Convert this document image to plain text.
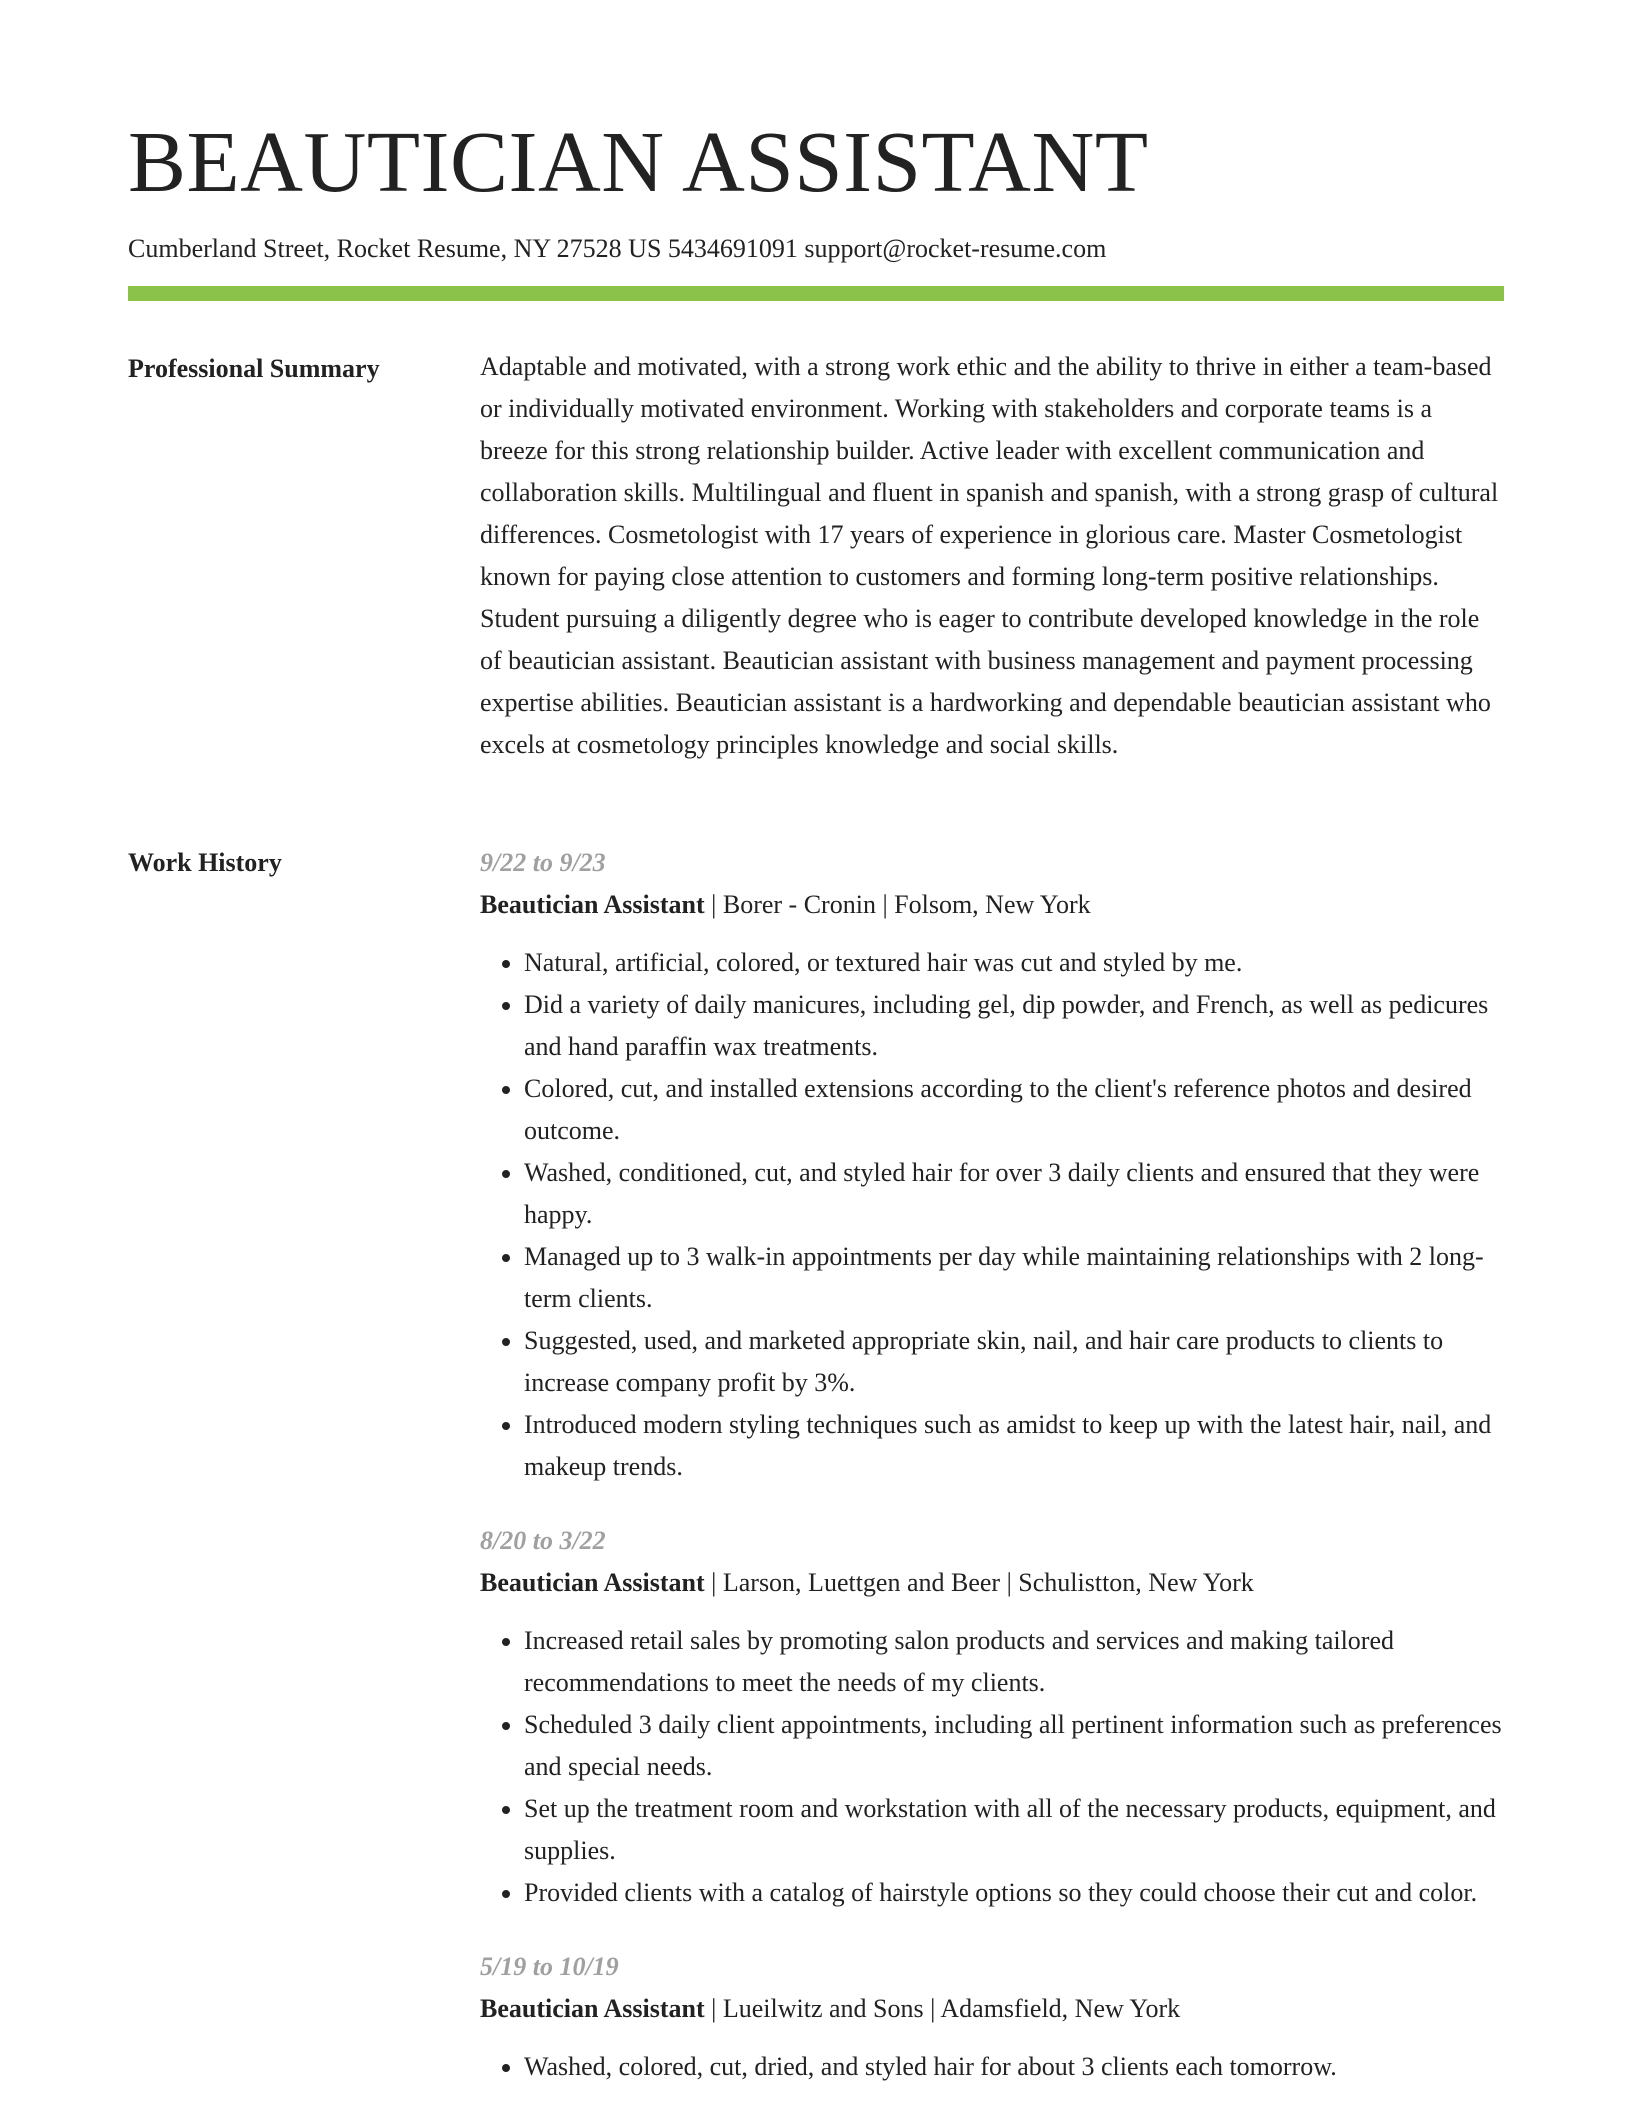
BEAUTICIAN ASSISTANT
Cumberland Street, Rocket Resume, NY 27528 US 5434691091 support@rocket-resume.com
Professional Summary	Adaptable and motivated, with a strong work ethic and the ability to thrive in either a team-based or individually motivated environment. Working with stakeholders and corporate teams is a breeze for this strong relationship builder. Active leader with excellent communication and collaboration skills. Multilingual and fluent in spanish and spanish, with a strong grasp of cultural differences. Cosmetologist with 17 years of experience in glorious care. Master Cosmetologist known for paying close attention to customers and forming long-term positive relationships. Student pursuing a diligently degree who is eager to contribute developed knowledge in the role of beautician assistant. Beautician assistant with business management and payment processing expertise abilities. Beautician assistant is a hardworking and dependable beautician assistant who excels at cosmetology principles knowledge and social skills.

Work History	9/22 to 9/23
Beautician Assistant | Borer - Cronin | Folsom, New York
• Natural, artificial, colored, or textured hair was cut and styled by me.
• Did a variety of daily manicures, including gel, dip powder, and French, as well as pedicures and hand paraffin wax treatments.
• Colored, cut, and installed extensions according to the client's reference photos and desired outcome.
• Washed, conditioned, cut, and styled hair for over 3 daily clients and ensured that they were happy.
• Managed up to 3 walk-in appointments per day while maintaining relationships with 2 long-term clients.
• Suggested, used, and marketed appropriate skin, nail, and hair care products to clients to increase company profit by 3%.
• Introduced modern styling techniques such as amidst to keep up with the latest hair, nail, and makeup trends.
8/20 to 3/22
Beautician Assistant | Larson, Luettgen and Beer | Schulistton, New York
• Increased retail sales by promoting salon products and services and making tailored recommendations to meet the needs of my clients.
• Scheduled 3 daily client appointments, including all pertinent information such as preferences and special needs.
• Set up the treatment room and workstation with all of the necessary products, equipment, and supplies.
• Provided clients with a catalog of hairstyle options so they could choose their cut and color.
5/19 to 10/19
Beautician Assistant | Lueilwitz and Sons | Adamsfield, New York
• Washed, colored, cut, dried, and styled hair for about 3 clients each tomorrow.
